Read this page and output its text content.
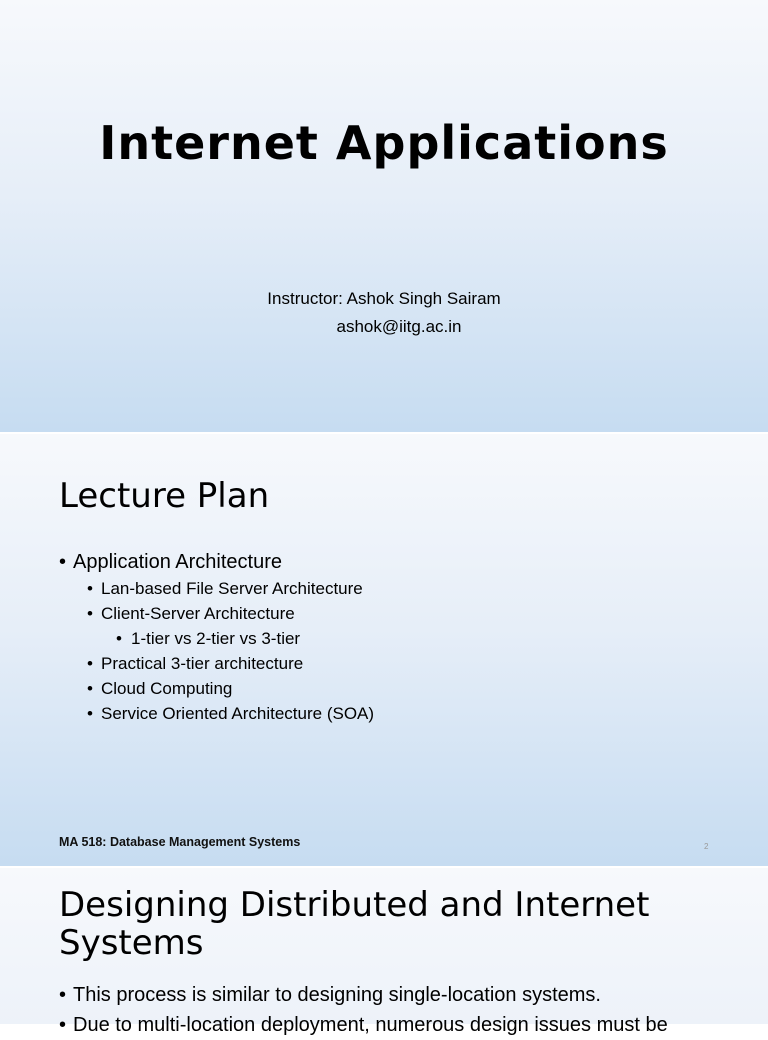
Internet Applications
Instructor: Ashok Singh Sairam
ashok@iitg.ac.in
Lecture Plan
• Application Architecture
• Lan-based File Server Architecture
• Client-Server Architecture
• 1-tier vs 2-tier vs 3-tier
• Practical 3-tier architecture
• Cloud Computing
• Service Oriented Architecture (SOA)
MA 518: Database Management Systems	2
Designing Distributed and Internet
Systems
• This process is similar to designing single-location systems.
• Due to multi-location deployment, numerous design issues must be
